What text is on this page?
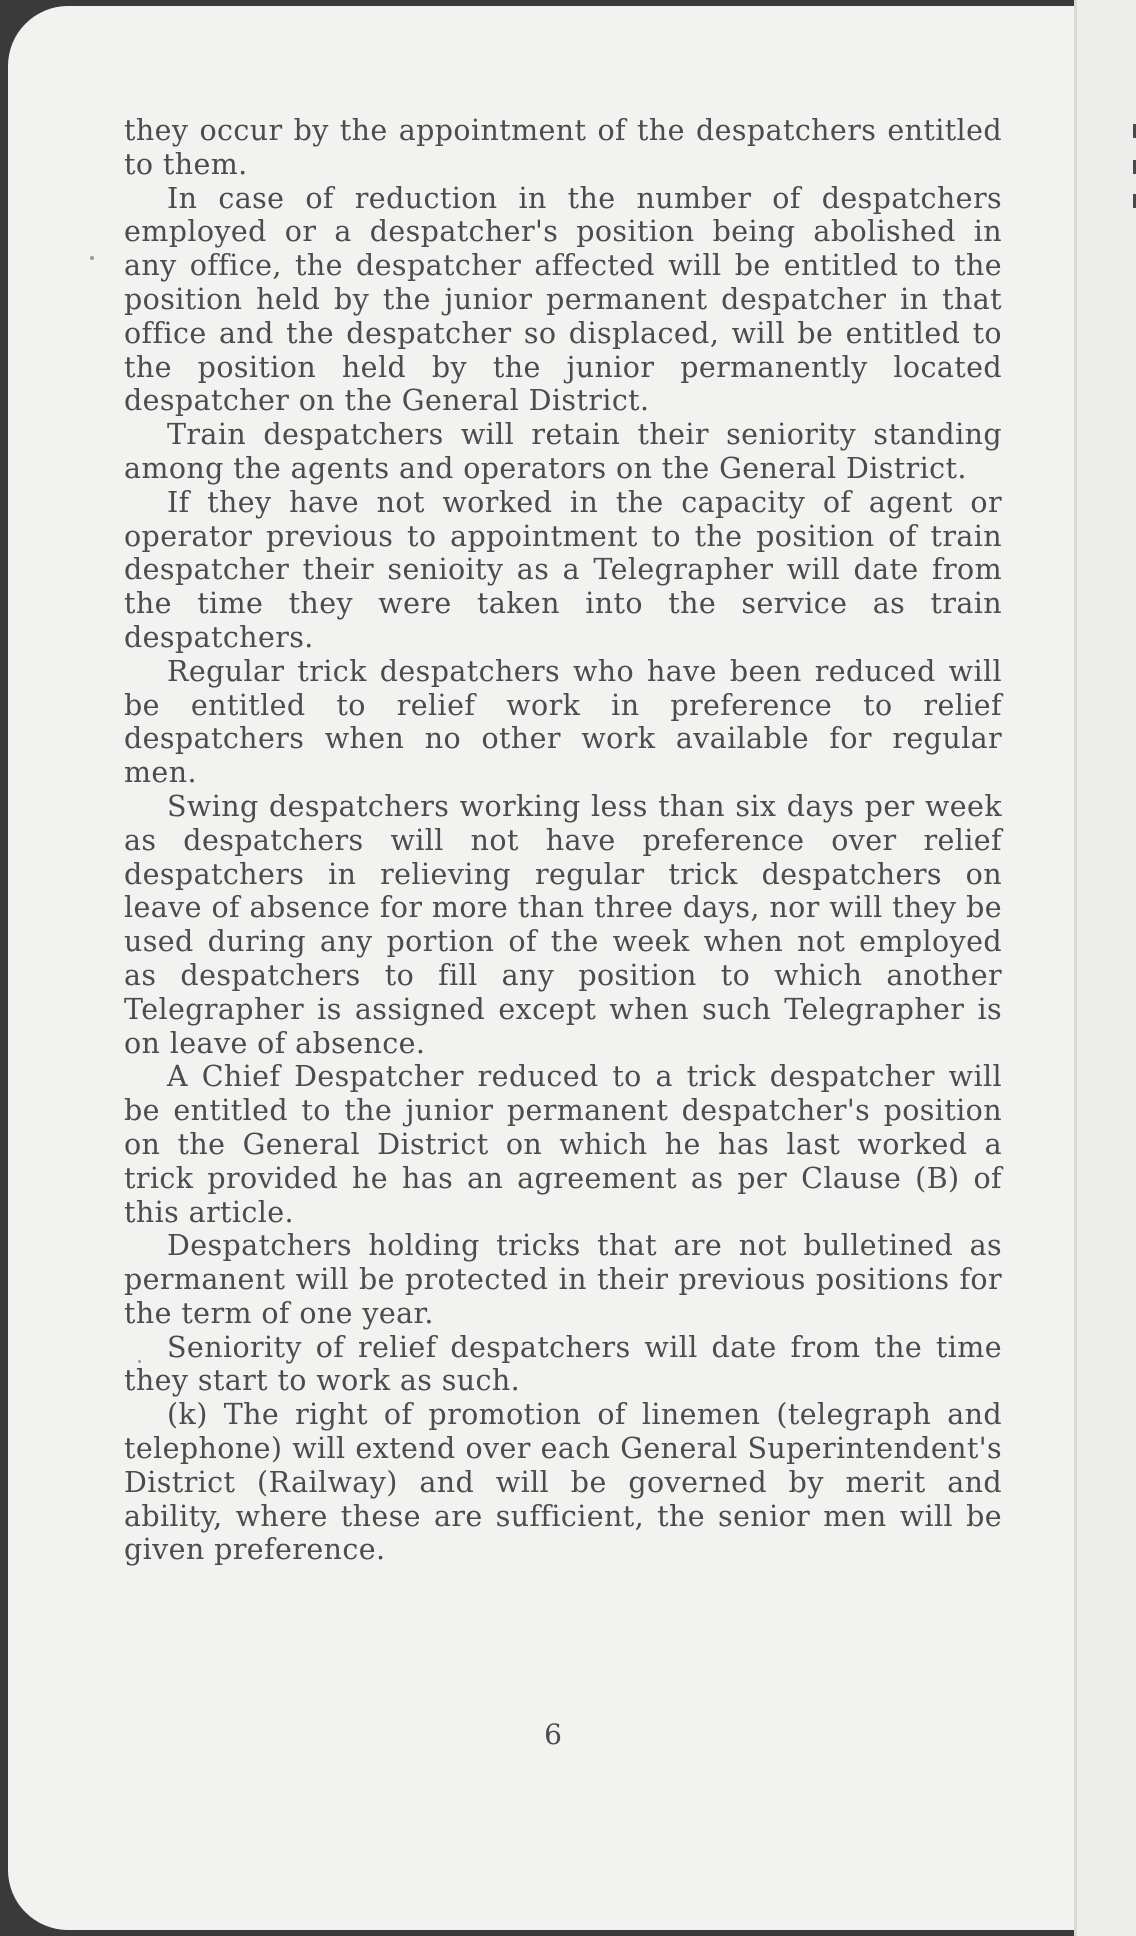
they occur by the appointment of the despatchers entitled to them.

In case of reduction in the number of despatchers employed or a despatcher's position being abolished in any office, the despatcher affected will be entitled to the position held by the junior permanent despatcher in that office and the despatcher so displaced, will be entitled to the position held by the junior permanently located despatcher on the General District.

Train despatchers will retain their seniority standing among the agents and operators on the General District.

If they have not worked in the capacity of agent or operator previous to appointment to the position of train despatcher their senioity as a Telegrapher will date from the time they were taken into the service as train despatchers.

Regular trick despatchers who have been reduced will be entitled to relief work in preference to relief despatchers when no other work available for regular men.

Swing despatchers working less than six days per week as despatchers will not have preference over relief despatchers in relieving regular trick despatchers on leave of absence for more than three days, nor will they be used during any portion of the week when not employed as despatchers to fill any position to which another Telegrapher is assigned except when such Telegrapher is on leave of absence.

A Chief Despatcher reduced to a trick despatcher will be entitled to the junior permanent despatcher's position on the General District on which he has last worked a trick provided he has an agreement as per Clause (B) of this article.

Despatchers holding tricks that are not bulletined as permanent will be protected in their previous positions for the term of one year.

Seniority of relief despatchers will date from the time they start to work as such.

(k) The right of promotion of linemen (telegraph and telephone) will extend over each General Superintendent's District (Railway) and will be governed by merit and ability, where these are sufficient, the senior men will be given preference.

6
